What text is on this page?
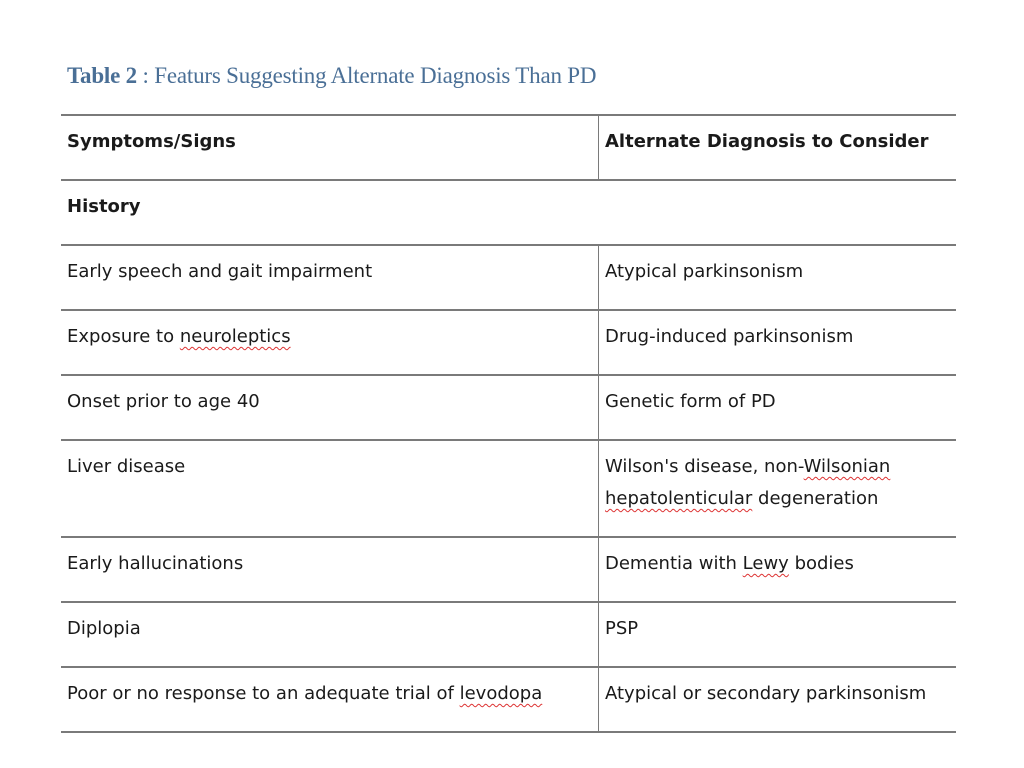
Table 2 : Featurs Suggesting Alternate Diagnosis Than PD
Symptoms/Signs	Alternate Diagnosis to Consider
History
Early speech and gait impairment	Atypical parkinsonism
Exposure to neuroleptics	Drug-induced parkinsonism
Onset prior to age 40	Genetic form of PD
Liver disease	Wilson's disease, non-Wilsonian
hepatolenticular degeneration
Early hallucinations	Dementia with Lewy bodies
Diplopia	PSP
Poor or no response to an adequate trial of levodopa	Atypical or secondary parkinsonism
